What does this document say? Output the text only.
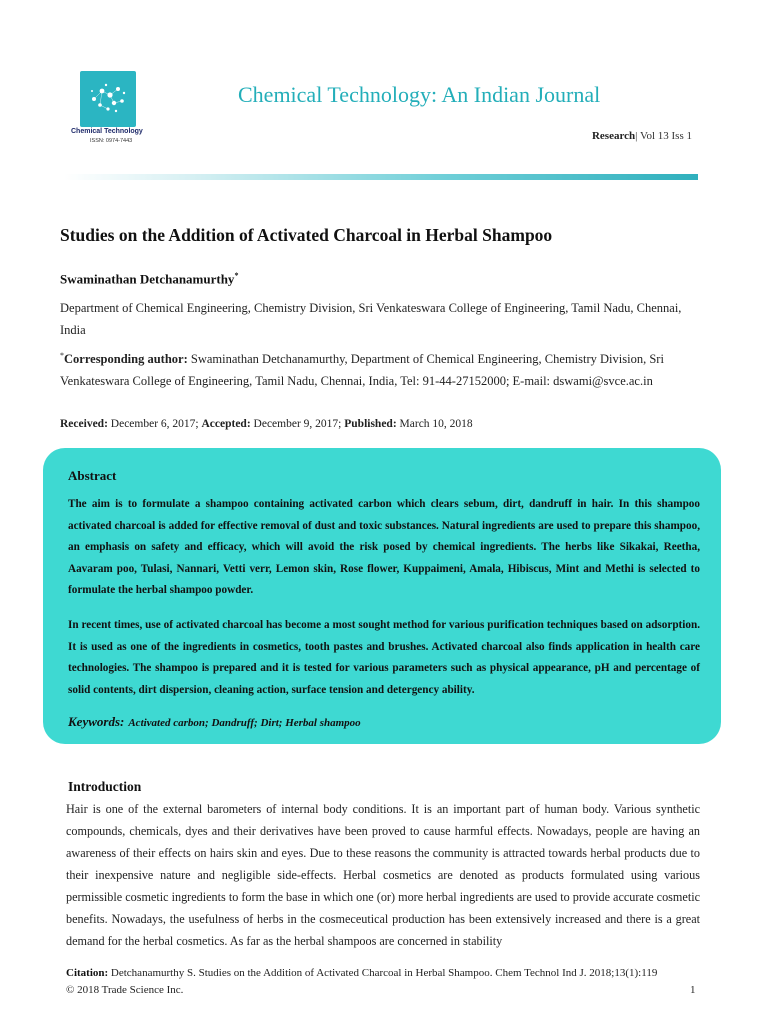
Chemical Technology
ISSN: 0974-7443
Chemical Technology: An Indian Journal
Research| Vol 13 Iss 1
Studies on the Addition of Activated Charcoal in Herbal Shampoo
Swaminathan Detchanamurthy*
Department of Chemical Engineering, Chemistry Division, Sri Venkateswara College of Engineering, Tamil Nadu, Chennai, India
*Corresponding author: Swaminathan Detchanamurthy, Department of Chemical Engineering, Chemistry Division, Sri Venkateswara College of Engineering, Tamil Nadu, Chennai, India, Tel: 91-44-27152000; E-mail: dswami@svce.ac.in
Received: December 6, 2017; Accepted: December 9, 2017; Published: March 10, 2018
Abstract

The aim is to formulate a shampoo containing activated carbon which clears sebum, dirt, dandruff in hair. In this shampoo activated charcoal is added for effective removal of dust and toxic substances. Natural ingredients are used to prepare this shampoo, an emphasis on safety and efficacy, which will avoid the risk posed by chemical ingredients. The herbs like Sikakai, Reetha, Aavaram poo, Tulasi, Nannari, Vetti verr, Lemon skin, Rose flower, Kuppaimeni, Amala, Hibiscus, Mint and Methi is selected to formulate the herbal shampoo powder.

In recent times, use of activated charcoal has become a most sought method for various purification techniques based on adsorption. It is used as one of the ingredients in cosmetics, tooth pastes and brushes. Activated charcoal also finds application in health care technologies. The shampoo is prepared and it is tested for various parameters such as physical appearance, pH and percentage of solid contents, dirt dispersion, cleaning action, surface tension and detergency ability.

Keywords: Activated carbon; Dandruff; Dirt; Herbal shampoo
Introduction

Hair is one of the external barometers of internal body conditions. It is an important part of human body. Various synthetic compounds, chemicals, dyes and their derivatives have been proved to cause harmful effects. Nowadays, people are having an awareness of their effects on hairs skin and eyes. Due to these reasons the community is attracted towards herbal products due to their inexpensive nature and negligible side-effects. Herbal cosmetics are denoted as products formulated using various permissible cosmetic ingredients to form the base in which one (or) more herbal ingredients are used to provide accurate cosmetic benefits. Nowadays, the usefulness of herbs in the cosmeceutical production has been extensively increased and there is a great demand for the herbal cosmetics. As far as the herbal shampoos are concerned in stability

Citation: Detchanamurthy S. Studies on the Addition of Activated Charcoal in Herbal Shampoo. Chem Technol Ind J. 2018;13(1):119
© 2018 Trade Science Inc.	1
